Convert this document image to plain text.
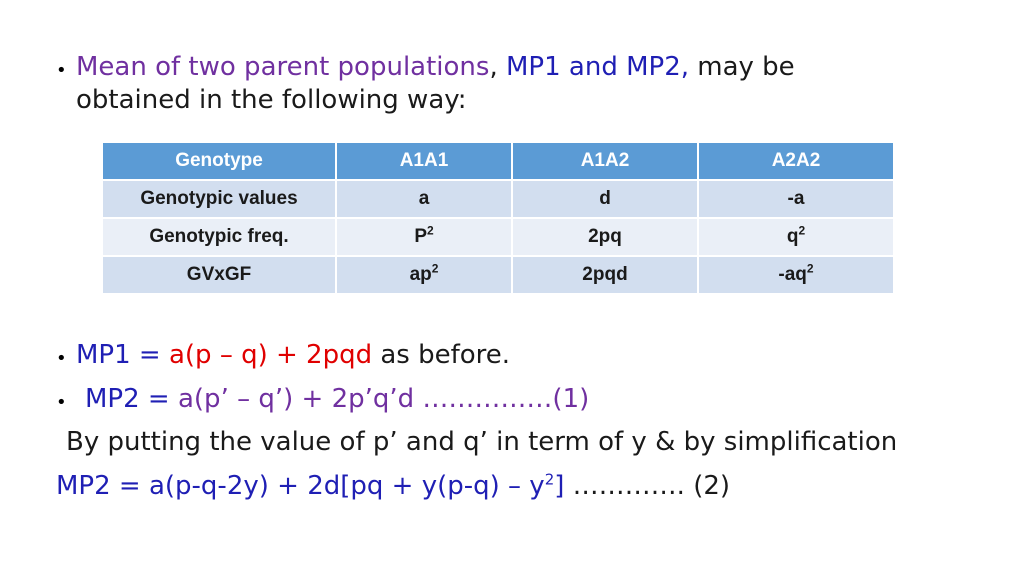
• Mean of two parent populations, MP1 and MP2, may be
obtained in the following way:
Genotype	A1A1	A1A2	A2A2
Genotypic values	a	d	-a
Genotypic freq.	$P^2$	2pq	$q^2$
GVxGF	$ap^2$	2pqd	$-aq^2$
• MP1 = a(p – q) + 2pqd as before.
• MP2 = a(p’ – q’) + 2p’q’d ……………(1)
By putting the value of p’ and q’ in term of y & by simplification
$MP2 = a(p-q-2y) + 2d[pq + y(p-q) - y^2]$ …………. (2)
